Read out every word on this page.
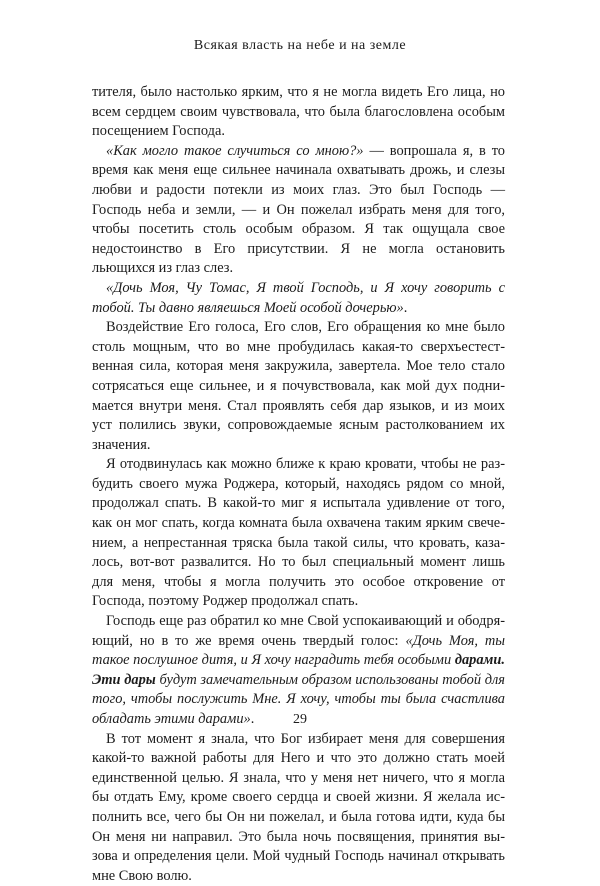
Всякая власть на небе и на земле

тителя, было настолько ярким, что я не могла видеть Его лица, но всем сердцем своим чувствовала, что была благословлена особым посещением Господа.

«Как могло такое случиться со мною?» — вопрошала я, в то время как меня еще сильнее начинала охватывать дрожь, и слезы любви и радости потекли из моих глаз. Это был Господь — Господь неба и земли, — и Он пожелал избрать меня для того, чтобы посетить столь особым образом. Я так ощущала свое недостоинство в Его присутствии. Я не могла остановить льющихся из глаз слез.

«Дочь Моя, Чу Томас, Я твой Господь, и Я хочу говорить с тобой. Ты давно являешься Моей особой дочерью».

Воздействие Его голоса, Его слов, Его обращения ко мне было столь мощным, что во мне пробудилась какая-то сверхъестественная сила, которая меня закружила, завертела. Мое тело стало сотрясаться еще сильнее, и я почувствовала, как мой дух поднимается внутри меня. Стал проявлять себя дар языков, и из моих уст полились звуки, сопровождаемые ясным растолкованием их значения.

Я отодвинулась как можно ближе к краю кровати, чтобы не разбудить своего мужа Роджера, который, находясь рядом со мной, продолжал спать. В какой-то миг я испытала удивление от того, как он мог спать, когда комната была охвачена таким ярким свечением, а непрестанная тряска была такой силы, что кровать, казалось, вот-вот развалится. Но то был специальный момент лишь для меня, чтобы я могла получить это особое откровение от Господа, поэтому Роджер продолжал спать.

Господь еще раз обратил ко мне Свой успокаивающий и ободряющий, но в то же время очень твердый голос: «Дочь Моя, ты такое послушное дитя, и Я хочу наградить тебя особыми дарами. Эти дары будут замечательным образом использованы тобой для того, чтобы послужить Мне. Я хочу, чтобы ты была счастлива обладать этими дарами».

В тот момент я знала, что Бог избирает меня для совершения какой-то важной работы для Него и что это должно стать моей единственной целью. Я знала, что у меня нет ничего, что я могла бы отдать Ему, кроме своего сердца и своей жизни. Я желала исполнить все, чего бы Он ни пожелал, и была готова идти, куда бы Он меня ни направил. Это была ночь посвящения, принятия вызова и определения цели. Мой чудный Господь начинал открывать мне Свою волю.

29
